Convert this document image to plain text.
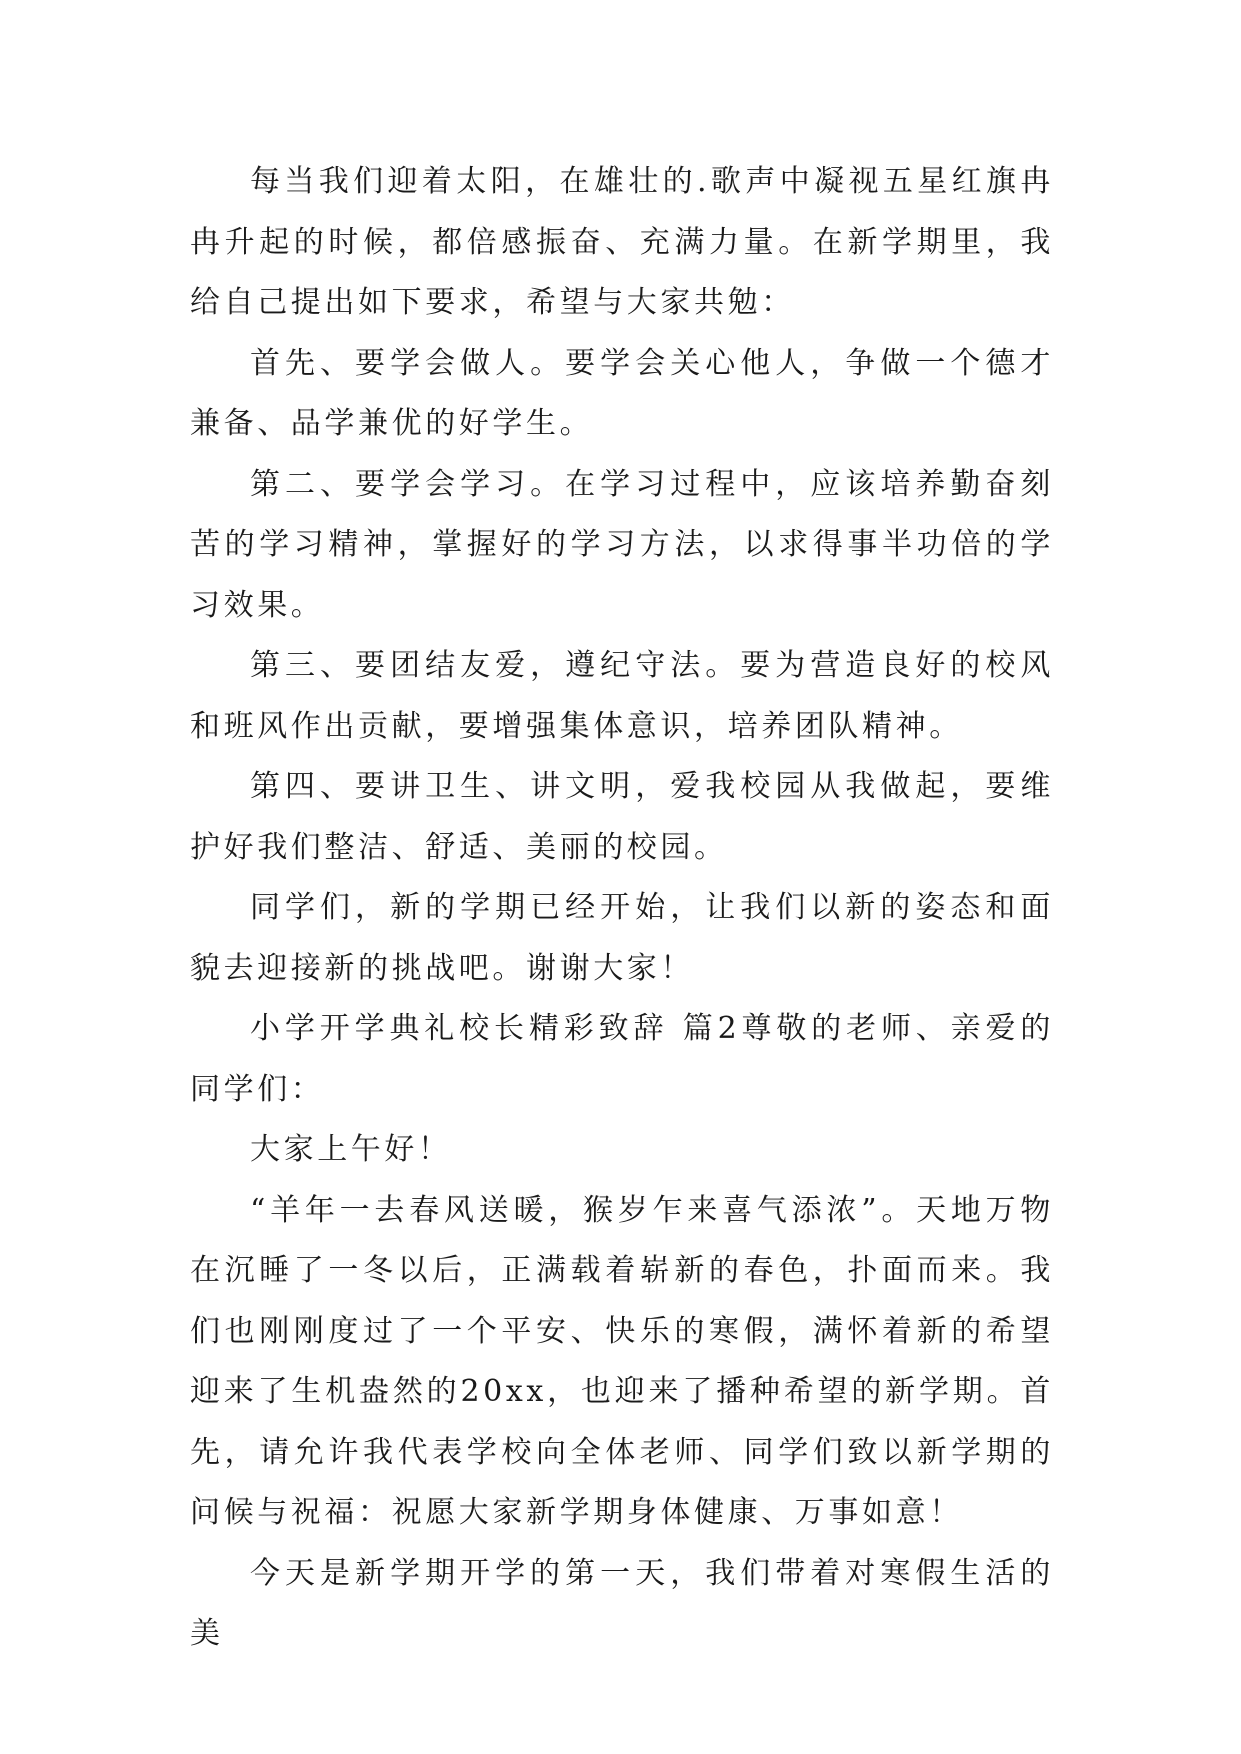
每当我们迎着太阳，在雄壮的.歌声中凝视五星红旗冉冉升起的时候，都倍感振奋、充满力量。在新学期里，我给自己提出如下要求，希望与大家共勉：

首先、要学会做人。要学会关心他人，争做一个德才兼备、品学兼优的好学生。

第二、要学会学习。在学习过程中，应该培养勤奋刻苦的学习精神，掌握好的学习方法，以求得事半功倍的学习效果。

第三、要团结友爱，遵纪守法。要为营造良好的校风和班风作出贡献，要增强集体意识，培养团队精神。

第四、要讲卫生、讲文明，爱我校园从我做起，要维护好我们整洁、舒适、美丽的校园。

同学们，新的学期已经开始，让我们以新的姿态和面貌去迎接新的挑战吧。谢谢大家！

小学开学典礼校长精彩致辞 篇2尊敬的老师、亲爱的同学们：

大家上午好！

“羊年一去春风送暖，猴岁乍来喜气添浓”。天地万物在沉睡了一冬以后，正满载着崭新的春色，扑面而来。我们也刚刚度过了一个平安、快乐的寒假，满怀着新的希望迎来了生机盎然的20xx，也迎来了播种希望的新学期。首先，请允许我代表学校向全体老师、同学们致以新学期的问候与祝福：祝愿大家新学期身体健康、万事如意！

今天是新学期开学的第一天，我们带着对寒假生活的美
